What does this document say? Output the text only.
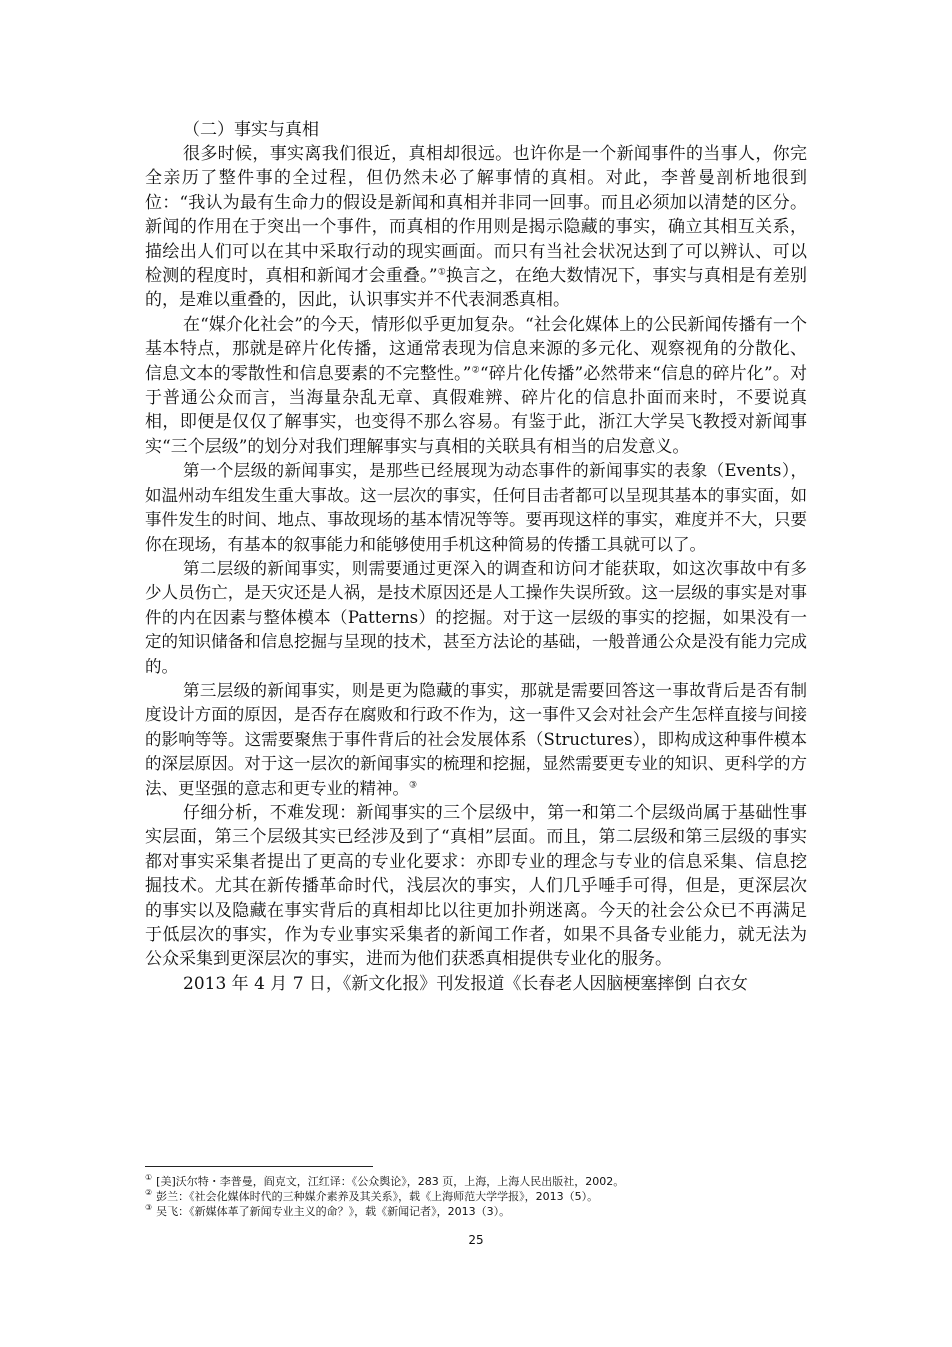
（二）事实与真相

很多时候，事实离我们很近，真相却很远。也许你是一个新闻事件的当事人，你完全亲历了整件事的全过程，但仍然未必了解事情的真相。对此，李普曼剖析地很到位：“我认为最有生命力的假设是新闻和真相并非同一回事。而且必须加以清楚的区分。新闻的作用在于突出一个事件，而真相的作用则是揭示隐藏的事实，确立其相互关系，描绘出人们可以在其中采取行动的现实画面。而只有当社会状况达到了可以辨认、可以检测的程度时，真相和新闻才会重叠。”①换言之，在绝大数情况下，事实与真相是有差别的，是难以重叠的，因此，认识事实并不代表洞悉真相。

在“媒介化社会”的今天，情形似乎更加复杂。“社会化媒体上的公民新闻传播有一个基本特点，那就是碎片化传播，这通常表现为信息来源的多元化、观察视角的分散化、信息文本的零散性和信息要素的不完整性。”②“碎片化传播”必然带来“信息的碎片化”。对于普通公众而言，当海量杂乱无章、真假难辨、碎片化的信息扑面而来时，不要说真相，即便是仅仅了解事实，也变得不那么容易。有鉴于此，浙江大学吴飞教授对新闻事实“三个层级”的划分对我们理解事实与真相的关联具有相当的启发意义。

第一个层级的新闻事实，是那些已经展现为动态事件的新闻事实的表象（Events），如温州动车组发生重大事故。这一层次的事实，任何目击者都可以呈现其基本的事实面，如事件发生的时间、地点、事故现场的基本情况等等。要再现这样的事实，难度并不大，只要你在现场，有基本的叙事能力和能够使用手机这种简易的传播工具就可以了。

第二层级的新闻事实，则需要通过更深入的调查和访问才能获取，如这次事故中有多少人员伤亡，是天灾还是人祸，是技术原因还是人工操作失误所致。这一层级的事实是对事件的内在因素与整体模本（Patterns）的挖掘。对于这一层级的事实的挖掘，如果没有一定的知识储备和信息挖掘与呈现的技术，甚至方法论的基础，一般普通公众是没有能力完成的。

第三层级的新闻事实，则是更为隐藏的事实，那就是需要回答这一事故背后是否有制度设计方面的原因，是否存在腐败和行政不作为，这一事件又会对社会产生怎样直接与间接的影响等等。这需要聚焦于事件背后的社会发展体系（Structures），即构成这种事件模本的深层原因。对于这一层次的新闻事实的梳理和挖掘，显然需要更专业的知识、更科学的方法、更坚强的意志和更专业的精神。③

仔细分析，不难发现：新闻事实的三个层级中，第一和第二个层级尚属于基础性事实层面，第三个层级其实已经涉及到了“真相”层面。而且，第二层级和第三层级的事实都对事实采集者提出了更高的专业化要求：亦即专业的理念与专业的信息采集、信息挖掘技术。尤其在新传播革命时代，浅层次的事实，人们几乎唾手可得，但是，更深层次的事实以及隐藏在事实背后的真相却比以往更加扑朔迷离。今天的社会公众已不再满足于低层次的事实，作为专业事实采集者的新闻工作者，如果不具备专业能力，就无法为公众采集到更深层次的事实，进而为他们获悉真相提供专业化的服务。

2013 年 4 月 7 日，《新文化报》刊发报道《长春老人因脑梗塞摔倒 白衣女

① [美]沃尔特・李普曼，阎克文，江红译：《公众舆论》，283 页，上海，上海人民出版社，2002。

② 彭兰：《社会化媒体时代的三种媒介素养及其关系》，载《上海师范大学学报》，2013（5）。

③ 吴飞：《新媒体革了新闻专业主义的命？》，载《新闻记者》，2013（3）。

25
